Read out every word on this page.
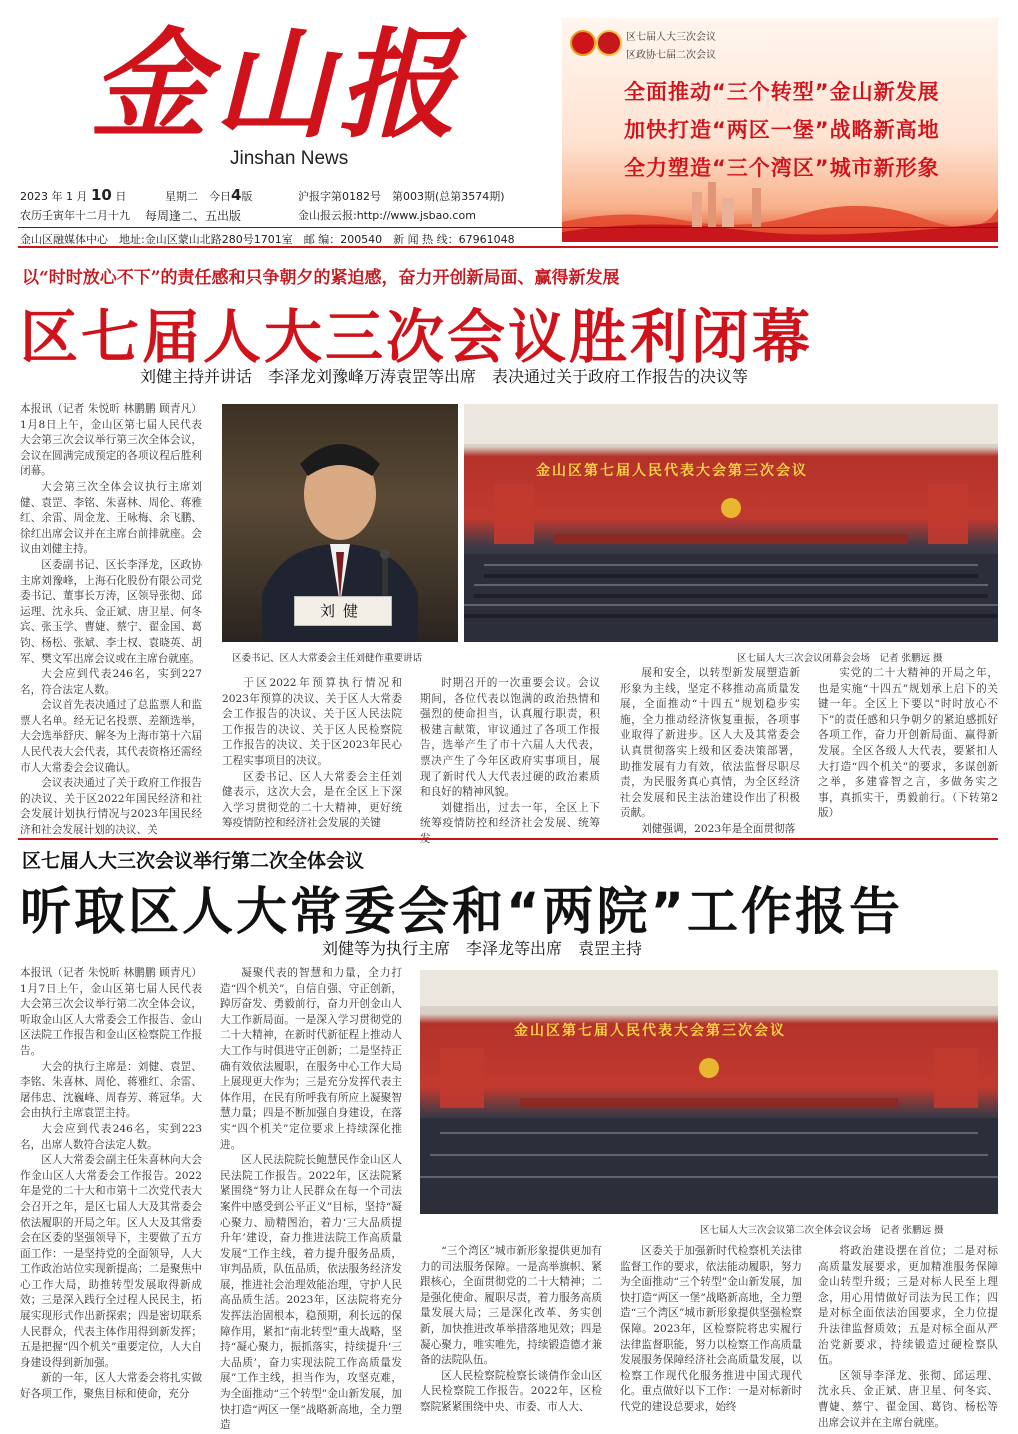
金山报
Jinshan News
2023 年 1 月 10 日	星期二　 今日4版
农历壬寅年十二月十九 每周逢二、五出版
沪报字第0182号　第003期(总第3574期)
金山报云报:http://www.jsbao.com
区七届人大三次会议
区政协七届二次会议
全面推动“三个转型”金山新发展
加快打造“两区一堡”战略新高地
全力塑造“三个湾区”城市新形象
金山区融媒体中心　地址:金山区蒙山北路280号1701室　邮 编：200540　新 闻 热 线：67961048
以“时时放心不下”的责任感和只争朝夕的紧迫感，奋力开创新局面、赢得新发展
区七届人大三次会议胜利闭幕
刘健主持并讲话　李泽龙刘豫峰万涛袁罡等出席　表决通过关于政府工作报告的决议等

本报讯（记者 朱悦昕 林鹏鹏 顾青凡）1月8日上午，金山区第七届人民代表大会第三次会议举行第三次全体会议，会议在圆满完成预定的各项议程后胜利闭幕。

大会第三次全体会议执行主席刘健、袁罡、李铭、朱喜林、周伦、蒋雅红、余雷、周金龙、王咏梅、余飞鹏、徐红出席会议并在主席台前排就座。会议由刘健主持。

区委副书记、区长李泽龙，区政协主席刘豫峰，上海石化股份有限公司党委书记、董事长万涛，区领导张彻、邱运理、沈永兵、金正斌、唐卫星、何冬宾、张玉学、曹婕、蔡宁、翟金国、葛钧、杨松、张斌、李士权、袁晓英、胡军、樊文军出席会议或在主席台就座。

大会应到代表246名，实到227名，符合法定人数。

会议首先表决通过了总监票人和监票人名单。经无记名投票、差额选举，大会选举舒庆、解冬为上海市第十六届人民代表大会代表，其代表资格还需经市人大常委会会议确认。

会议表决通过了关于政府工作报告的决议、关于区2022年国民经济和社会发展计划执行情况与2023年国民经济和社会发展计划的决议、关

刘健
区委书记、区人大常委会主任刘健作重要讲话
金山区第七届人民代表大会第三次会议
区七届人大三次会议闭幕会会场　记者 张鹏远 摄

于区2022年预算执行情况和2023年预算的决议、关于区人大常委会工作报告的决议、关于区人民法院工作报告的决议、关于区人民检察院工作报告的决议、关于区2023年民心工程实事项目的决议。

区委书记、区人大常委会主任刘健表示，这次大会，是在全区上下深入学习贯彻党的二十大精神，更好统筹疫情防控和经济社会发展的关键

时期召开的一次重要会议。会议期间，各位代表以饱满的政治热情和强烈的使命担当，认真履行职责，积极建言献策，审议通过了各项工作报告，选举产生了市十六届人大代表，票决产生了今年区政府实事项目，展现了新时代人大代表过硬的政治素质和良好的精神风貌。

刘健指出，过去一年，全区上下统筹疫情防控和经济社会发展、统筹

展和安全，以转型新发展塑造新形象为主线，坚定不移推动高质量发展，全面推动“十四五”规划稳步实施，全力推动经济恢复重振，各项事业取得了新进步。区人大及其常委会认真贯彻落实上级和区委决策部署，助推发展有力有效，依法监督尽职尽责，为民服务真心真情，为全区经济社会发展和民主法治建设作出了积极贡献。

刘健强调，2023年是全面贯彻落

实党的二十大精神的开局之年，也是实施“十四五”规划承上启下的关键一年。全区上下要以“时时放心不下”的责任感和只争朝夕的紧迫感抓好各项工作，奋力开创新局面、赢得新发展。全区各级人大代表，要紧扣人大打造“四个机关”的要求，多谋创新之举，多建睿智之言，多做务实之事，真抓实干，勇毅前行。（下转第2版）

区七届人大三次会议举行第二次全体会议
听取区人大常委会和“两院”工作报告
刘健等为执行主席　李泽龙等出席　袁罡主持

本报讯（记者 朱悦昕 林鹏鹏 顾青凡）1月7日上午，金山区第七届人民代表大会第三次会议举行第二次全体会议，听取金山区人大常委会工作报告、金山区法院工作报告和金山区检察院工作报告。

大会的执行主席是：刘健、袁罡、李铭、朱喜林、周伦、蒋雅红、余雷、屠伟忠、沈巍峰、周春芳、蒋冠华。大会由执行主席袁罡主持。

大会应到代表246名，实到223名，出席人数符合法定人数。

区人大常委会副主任朱喜林向大会作金山区人大常委会工作报告。2022年是党的二十大和市第十二次党代表大会召开之年，是区七届人大及其常委会依法履职的开局之年。区人大及其常委会在区委的坚强领导下，主要做了五方面工作：一是坚持党的全面领导，人大工作政治站位实现新提高；二是聚焦中心工作大局，助推转型发展取得新成效；三是深入践行全过程人民民主，拓展实现形式作出新探索；四是密切联系人民群众，代表主体作用得到新发挥；五是把握“四个机关”重要定位，人大自身建设得到新加强。

新的一年，区人大常委会将扎实做好各项工作，聚焦目标和使命，充分

凝聚代表的智慧和力量，全力打造“四个机关”，自信自强、守正创新，踔厉奋发、勇毅前行，奋力开创金山人大工作新局面。一是深入学习贯彻党的二十大精神，在新时代新征程上推动人大工作与时俱进守正创新；二是坚持正确有效依法履职，在服务中心工作大局上展现更大作为；三是充分发挥代表主体作用，在民有所呼我有所应上凝聚智慧力量；四是不断加强自身建设，在落实“四个机关”定位要求上持续深化推进。

区人民法院院长鲍慧民作金山区人民法院工作报告。2022年，区法院紧紧围绕“努力让人民群众在每一个司法案件中感受到公平正义”目标，坚持“凝心聚力、励精图治，着力‘三大品质提升年’建设，奋力推进法院工作高质量发展”工作主线，着力提升服务品质，审判品质，队伍品质，依法服务经济发展，推进社会治理效能治理，守护人民高品质生活。2023年，区法院将充分发挥法治固根本，稳预期，利长远的保障作用，紧扣“南北转型”重大战略，坚持“凝心聚力，振抓落实，持续提升‘三大品质’，奋力实现法院工作高质量发展”工作主线，担当作为，攻坚克难，为全面推动“三个转型”金山新发展，加快打造“两区一堡”战略新高地，全力塑造

金山区第七届人民代表大会第三次会议
区七届人大三次会议第二次全体会议会场　记者 张鹏远 摄

“三个湾区”城市新形象提供更加有力的司法服务保障。一是高举旗帜、紧跟核心，全面贯彻党的二十大精神；二是强化使命、履职尽责，着力服务高质量发展大局；三是深化改革、务实创新，加快推进改革举措落地见效；四是凝心聚力，唯实唯先，持续锻造德才兼备的法院队伍。

区人民检察院检察长谈倩作金山区人民检察院工作报告。2022年，区检察院紧紧围绕中央、市委、市人大、

区委关于加强新时代检察机关法律监督工作的要求，依法能动履职，努力为全面推动“三个转型”金山新发展，加快打造“两区一堡”战略新高地，全力塑造“三个湾区”城市新形象提供坚强检察保障。2023年，区检察院将忠实履行法律监督职能，努力以检察工作高质量发展服务保障经济社会高质量发展，以检察工作现代化服务推进中国式现代化。重点做好以下工作：一是对标新时代党的建设总要求，始终

将政治建设摆在首位；二是对标高质量发展要求，更加精准服务保障金山转型升级；三是对标人民至上理念，用心用情做好司法为民工作；四是对标全面依法治国要求，全力位提升法律监督质效；五是对标全面从严治党新要求，持续锻造过硬检察队伍。

区领导李泽龙、张彻、邱运理、沈永兵、金正斌、唐卫星、何冬宾、曹婕、蔡宁、翟金国、葛钧、杨松等出席会议并在主席台就座。
